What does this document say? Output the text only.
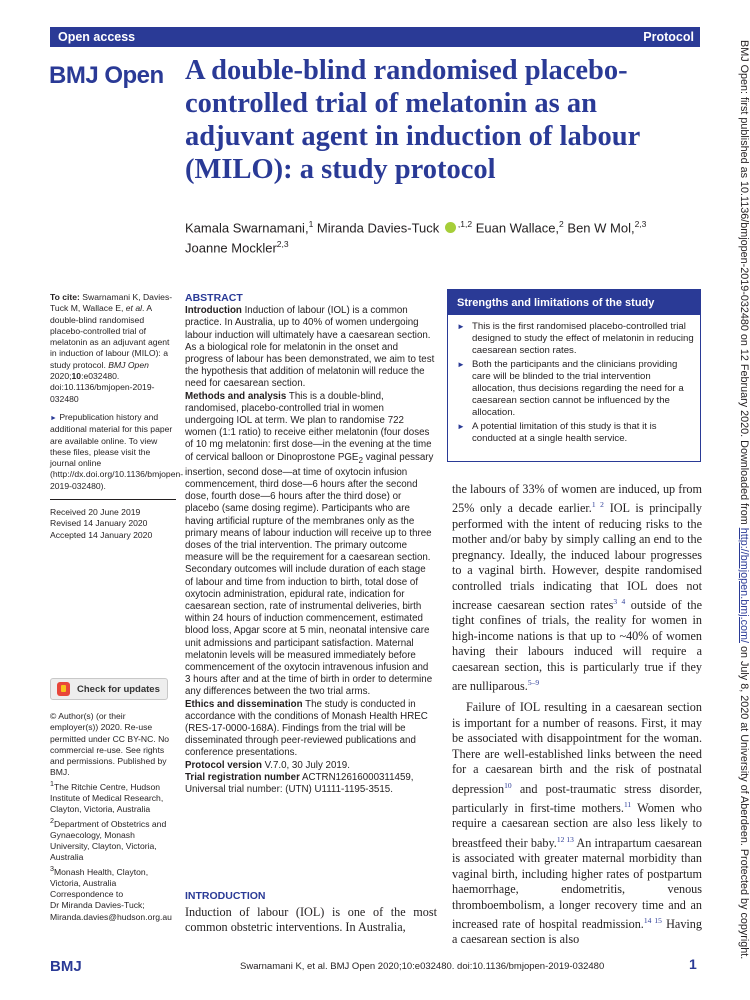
Open access	Protocol
BMJ Open A double-blind randomised placebo-controlled trial of melatonin as an adjuvant agent in induction of labour (MILO): a study protocol
Kamala Swarnamani,$^1$ Miranda Davies-Tuck $^{,1,2}$ Euan Wallace,$^2$ Ben W Mol,$^{2,3}$
Joanne Mockler$^{2,3}$
To cite: Swarnamani K, Davies-Tuck M, Wallace E, et al. A double-blind randomised placebo-controlled trial of melatonin as an adjuvant agent in induction of labour (MILO): a study protocol. BMJ Open 2020;10:e032480. doi:10.1136/bmjopen-2019-032480
► Prepublication history and additional material for this paper are available online. To view these files, please visit the journal online (http://dx.doi.org/10.1136/bmjopen-2019-032480).
Received 20 June 2019
Revised 14 January 2020
Accepted 14 January 2020
Check for updates
© Author(s) (or their employer(s)) 2020. Re-use permitted under CC BY-NC. No commercial re-use. See rights and permissions. Published by BMJ.
$^1$The Ritchie Centre, Hudson Institute of Medical Research, Clayton, Victoria, Australia
$^2$Department of Obstetrics and Gynaecology, Monash University, Clayton, Victoria, Australia
$^3$Monash Health, Clayton, Victoria, Australia
Correspondence to
Dr Miranda Davies-Tuck;
Miranda.davies@hudson.org.au
ABSTRACT

Introduction Induction of labour (IOL) is a common practice. In Australia, up to 40% of women undergoing labour induction will ultimately have a caesarean section. As a biological role for melatonin in the onset and progress of labour has been demonstrated, we aim to test the hypothesis that addition of melatonin will reduce the need for caesarean section.

Methods and analysis This is a double-blind, randomised, placebo-controlled trial in women undergoing IOL at term. We plan to randomise 722 women (1:1 ratio) to receive either melatonin (four doses of 10 mg melatonin: first dose—in the evening at the time of cervical balloon or Dinoprostone $PGE_2$ vaginal pessary insertion, second dose—at time of oxytocin infusion commencement, third dose—6 hours after the second dose, fourth dose—6 hours after the third dose) or placebo (same dosing regime). Participants who are having artificial rupture of the membranes only as the primary means of labour induction will receive up to three doses of the trial intervention. The primary outcome measure will be the requirement for a caesarean section. Secondary outcomes will include duration of each stage of labour and time from induction to birth, total dose of oxytocin administration, epidural rate, indication for caesarean section, rate of instrumental deliveries, birth within 24 hours of induction commencement, estimated blood loss, Apgar score at 5 min, neonatal intensive care unit admissions and participant satisfaction. Maternal melatonin levels will be measured immediately before commencement of the oxytocin intravenous infusion and 3 hours after and at the time of birth in order to determine any differences between the two trial arms.

Ethics and dissemination The study is conducted in accordance with the conditions of Monash Health HREC (RES-17-0000-168A). Findings from the trial will be disseminated through peer-reviewed publications and conference presentations.

Protocol version V.7.0, 30 July 2019.

Trial registration number ACTRN12616000311459, Universal trial number: (UTN) U1111-1195-3515.

INTRODUCTION

Induction of labour (IOL) is one of the most common obstetric interventions. In Australia,

Strengths and limitations of the study
► This is the first randomised placebo-controlled trial designed to study the effect of melatonin in reducing caesarean section rates.
► Both the participants and the clinicians providing care will be blinded to the trial intervention allocation, thus decisions regarding the need for a caesarean section cannot be influenced by the allocation.
► A potential limitation of this study is that it is conducted at a single health service.

the labours of 33% of women are induced, up from 25% only a decade earlier.$^{1 2}$ IOL is principally performed with the intent of reducing risks to the mother and/or baby by simply calling an end to the pregnancy. Ideally, the induced labour progresses to a vaginal birth. However, despite randomised controlled trials indicating that IOL does not increase caesarean section rates$^{3 4}$ outside of the tight confines of trials, the reality for women in high-income nations is that up to ~40% of women having their labours induced will require a caesarean section, this is particularly true if they are nulliparous.$^{5-9}$

Failure of IOL resulting in a caesarean section is important for a number of reasons. First, it may be associated with disappointment for the woman. There are well-established links between the need for a caesarean birth and the risk of postnatal depression$^{10}$ and post-traumatic stress disorder, particularly in first-time mothers.$^{11}$ Women who require a caesarean section are also less likely to breastfeed their baby.$^{12 13}$ An intrapartum caesarean is associated with greater maternal morbidity than vaginal birth, including higher rates of postpartum haemorrhage, endometritis, venous thromboembolism, a longer recovery time and an increased rate of hospital readmission.$^{14 15}$ Having a caesarean section is also

BMJ	Swarnamani K, et al. BMJ Open 2020;10:e032480. doi:10.1136/bmjopen-2019-032480	1
BMJ Open: first published as 10.1136/bmjopen-2019-032480 on 12 February 2020. Downloaded from http://bmjopen.bmj.com/ on July 8, 2020 at University of Aberdeen. Protected by copyright.
